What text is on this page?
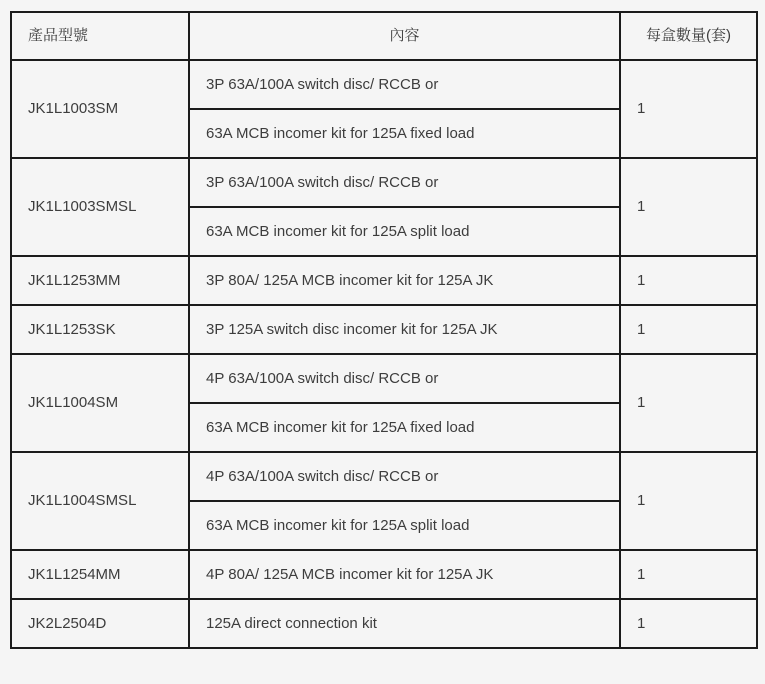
產品型號	內容	每盒數量(套)
JK1L1003SM	3P 63A/100A switch disc/ RCCB or	1
	63A MCB incomer kit for 125A fixed load	
JK1L1003SMSL	3P 63A/100A switch disc/ RCCB or	1
	63A MCB incomer kit for 125A split load	
JK1L1253MM	3P 80A/ 125A MCB incomer kit for 125A JK	1
JK1L1253SK	3P 125A switch disc incomer kit for 125A JK	1
JK1L1004SM	4P 63A/100A switch disc/ RCCB or	1
	63A MCB incomer kit for 125A fixed load	
JK1L1004SMSL	4P 63A/100A switch disc/ RCCB or	1
	63A MCB incomer kit for 125A split load	
JK1L1254MM	4P 80A/ 125A MCB incomer kit for 125A JK	1
JK2L2504D	125A direct connection kit	1
